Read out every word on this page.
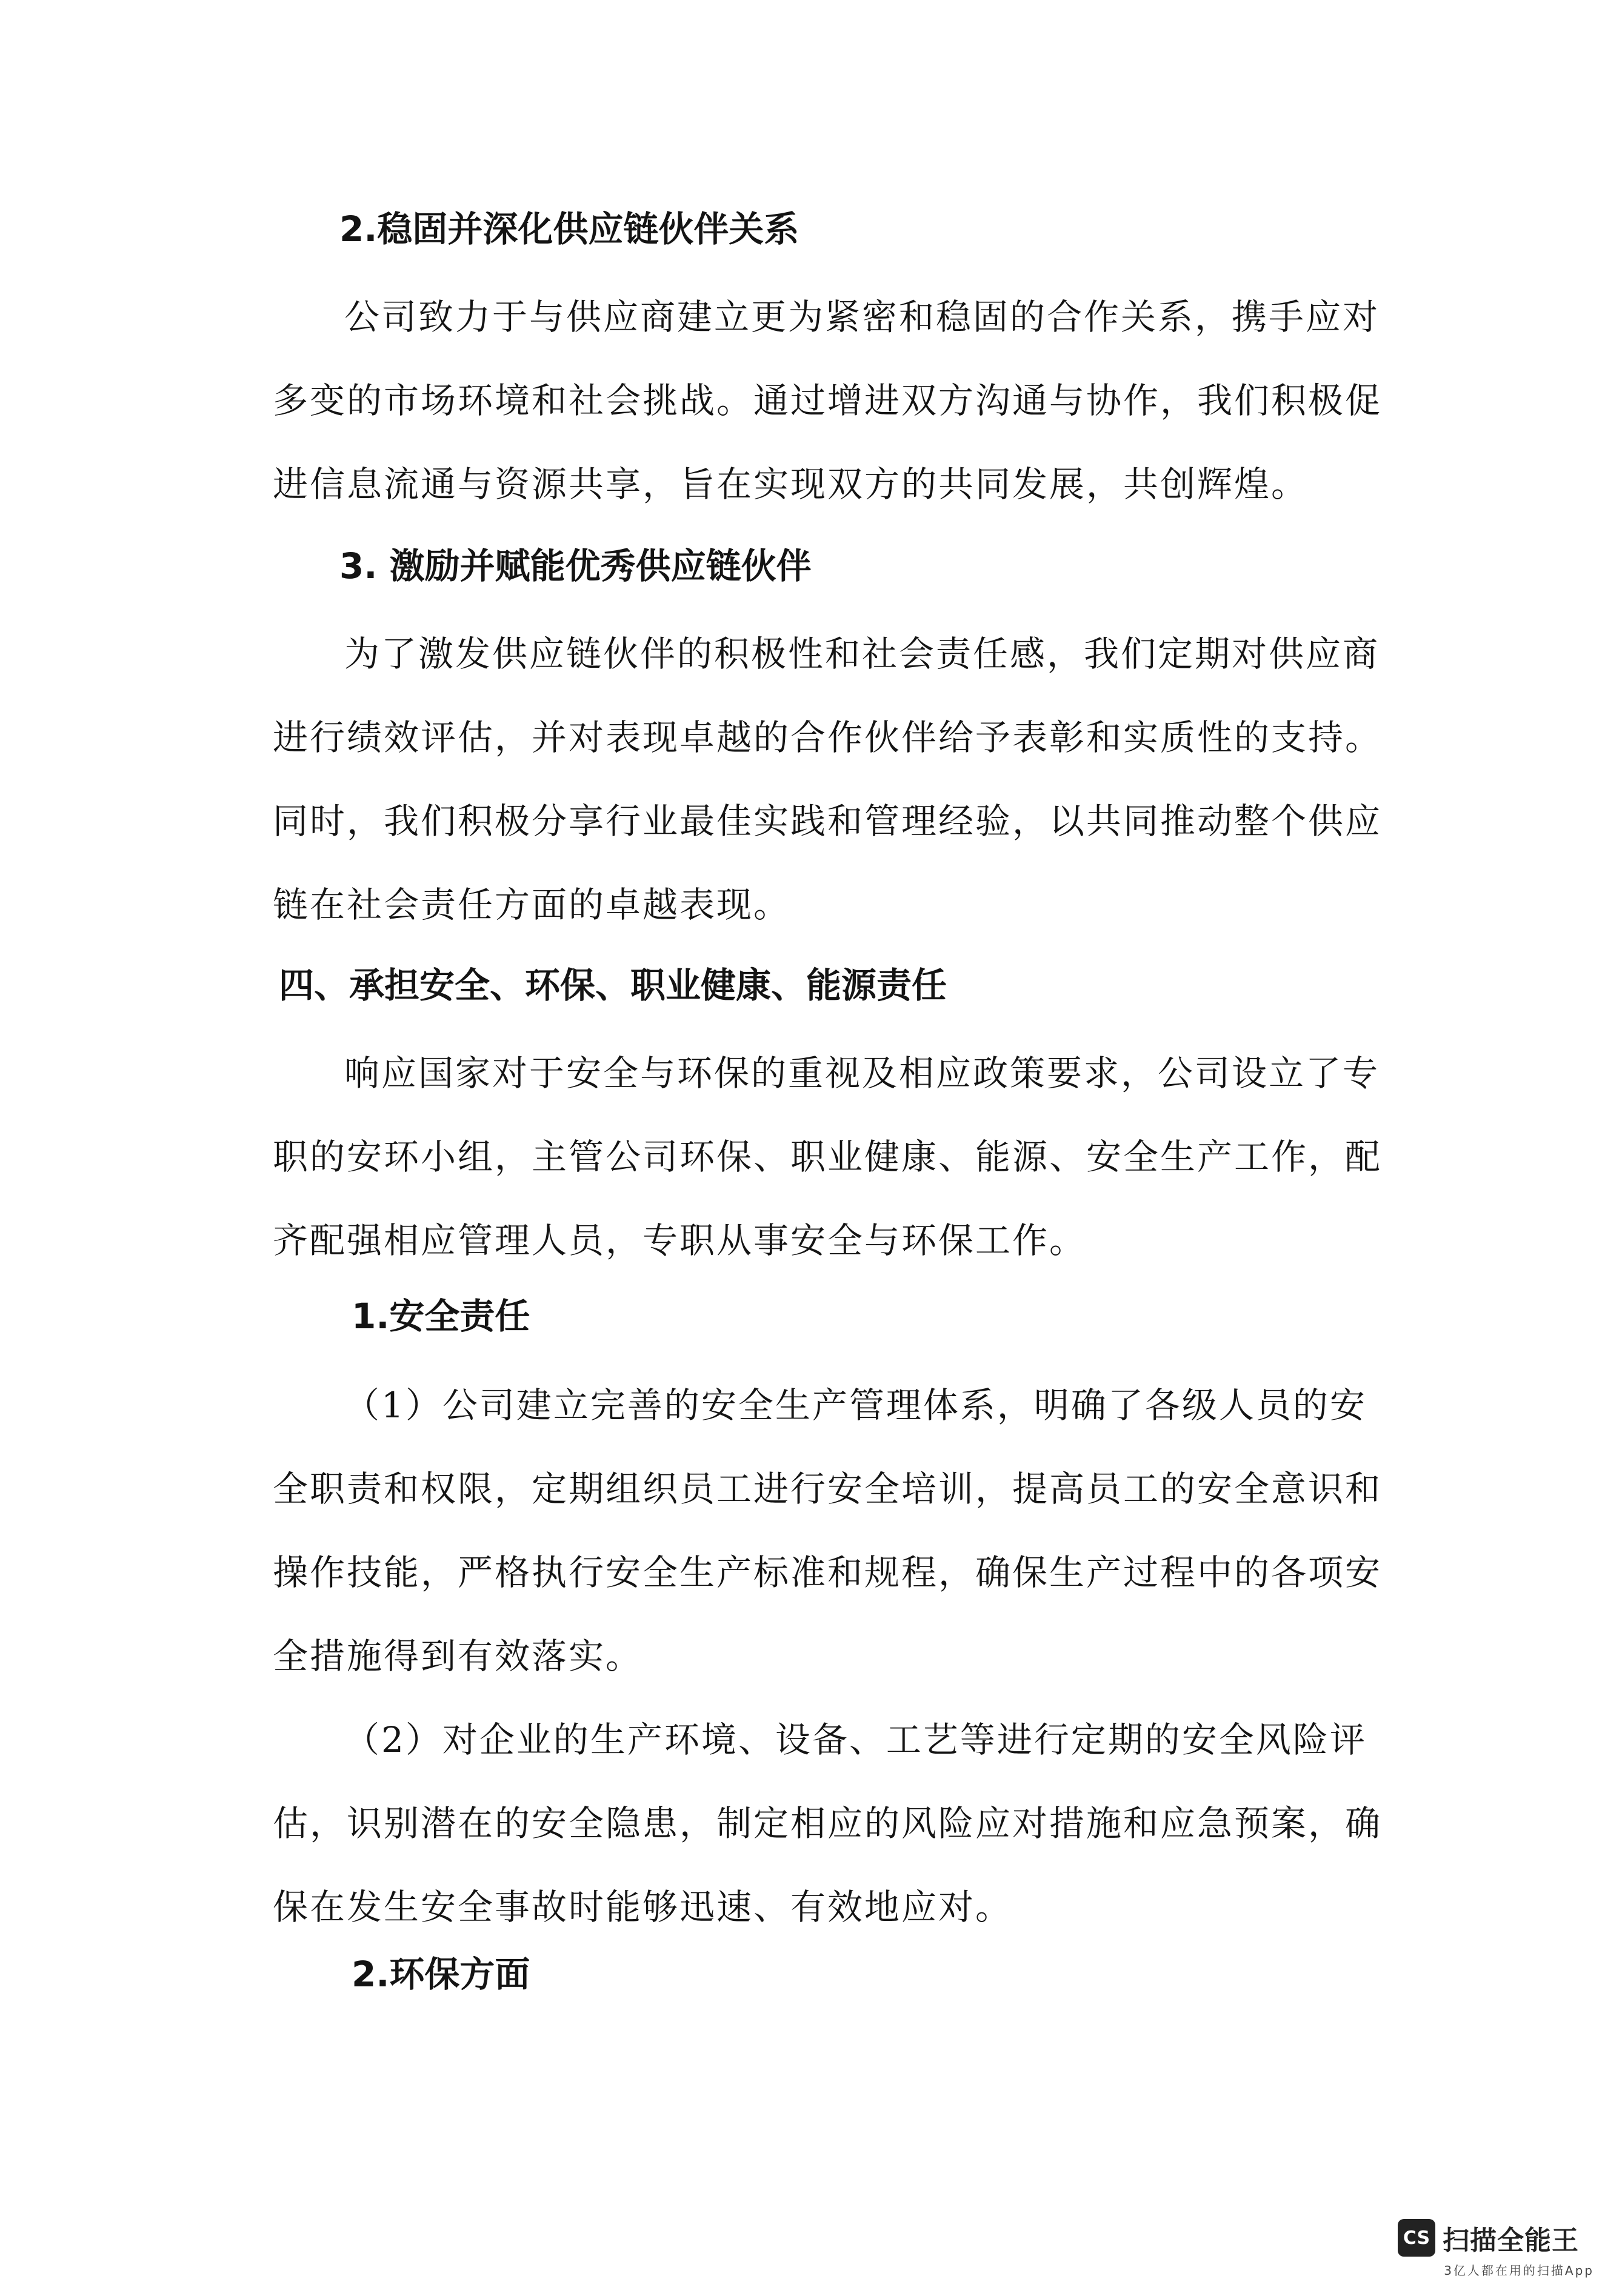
2.稳固并深化供应链伙伴关系
公司致力于与供应商建立更为紧密和稳固的合作关系，携手应对
多变的市场环境和社会挑战。通过增进双方沟通与协作，我们积极促
进信息流通与资源共享，旨在实现双方的共同发展，共创辉煌。
3. 激励并赋能优秀供应链伙伴
为了激发供应链伙伴的积极性和社会责任感，我们定期对供应商
进行绩效评估，并对表现卓越的合作伙伴给予表彰和实质性的支持。
同时，我们积极分享行业最佳实践和管理经验，以共同推动整个供应
链在社会责任方面的卓越表现。
四、承担安全、环保、职业健康、能源责任
响应国家对于安全与环保的重视及相应政策要求，公司设立了专
职的安环小组，主管公司环保、职业健康、能源、安全生产工作，配
齐配强相应管理人员，专职从事安全与环保工作。
1.安全责任
（1）公司建立完善的安全生产管理体系，明确了各级人员的安
全职责和权限，定期组织员工进行安全培训，提高员工的安全意识和
操作技能，严格执行安全生产标准和规程，确保生产过程中的各项安
全措施得到有效落实。
（2）对企业的生产环境、设备、工艺等进行定期的安全风险评
估，识别潜在的安全隐患，制定相应的风险应对措施和应急预案，确
保在发生安全事故时能够迅速、有效地应对。
2.环保方面
CS 扫描全能王
3亿人都在用的扫描App
